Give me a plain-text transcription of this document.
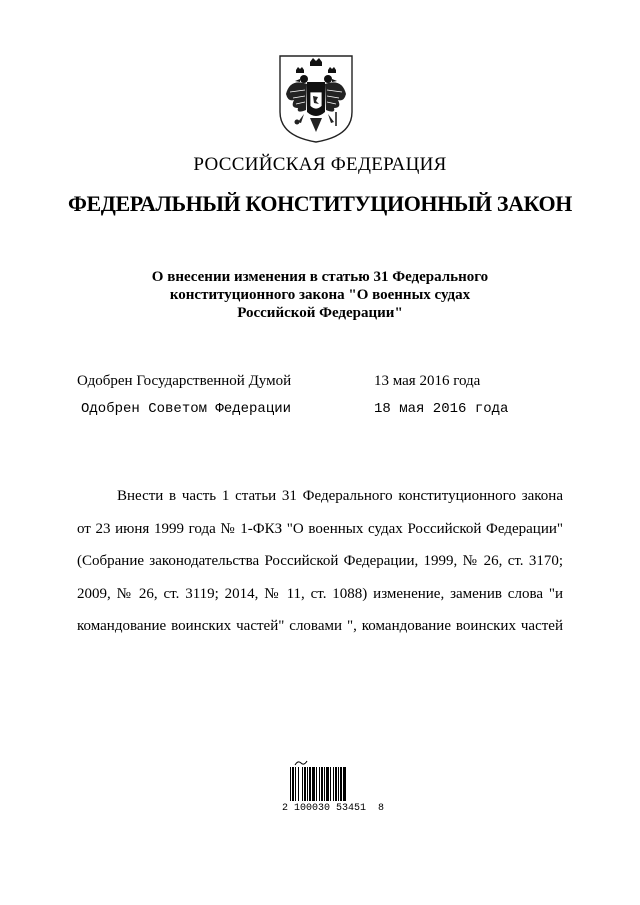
РОССИЙСКАЯ ФЕДЕРАЦИЯ
ФЕДЕРАЛЬНЫЙ КОНСТИТУЦИОННЫЙ ЗАКОН
О внесении изменения в статью 31 Федерального
конституционного закона "О военных судах
Российской Федерации"
Одобрен Государственной Думой	13 мая 2016 года
Одобрен Советом Федерации	18 мая 2016 года
Внести в часть 1 статьи 31 Федерального конституционного закона
от 23 июня 1999 года № 1-ФКЗ "О военных судах Российской Федерации"
(Собрание законодательства Российской Федерации, 1999, № 26, ст. 3170;
2009, № 26, ст. 3119; 2014, № 11, ст. 1088) изменение, заменив слова "и
командование воинских частей" словами ", командование воинских частей
2 100030 53451  8
